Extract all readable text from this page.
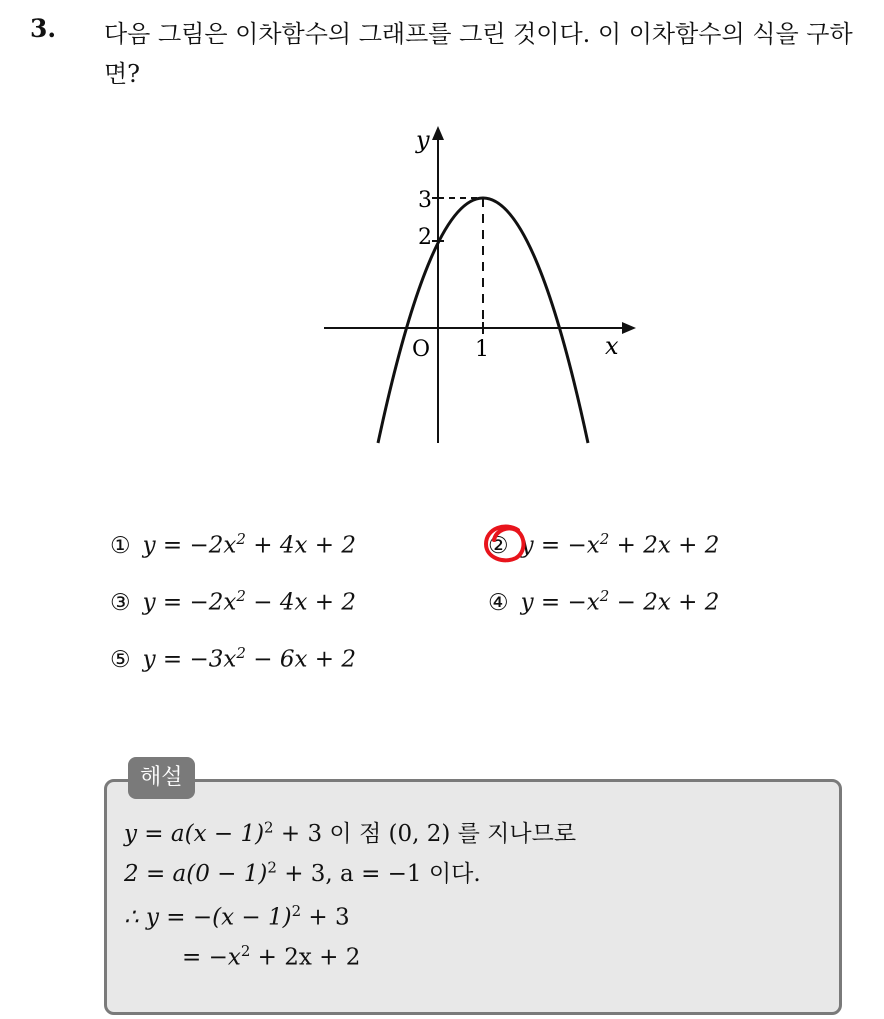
3. 다음 그림은 이차함수의 그래프를 그린 것이다. 이 이차함수의 식을 구하면?
y
x
O
3
2
1
① $y = -2x^2 + 4x + 2$	② $y = -x^2 + 2x + 2$
③ $y = -2x^2 - 4x + 2$	④ $y = -x^2 - 2x + 2$
⑤ $y = -3x^2 - 6x + 2$
해설
$y = a(x - 1)^2 + 3$ 이 점 (0, 2) 를 지나므로
$2 = a(0 - 1)^2 + 3$, a = −1 이다.
∴ $y = -(x - 1)^2 + 3$
= $-x^2 + 2x + 2$
